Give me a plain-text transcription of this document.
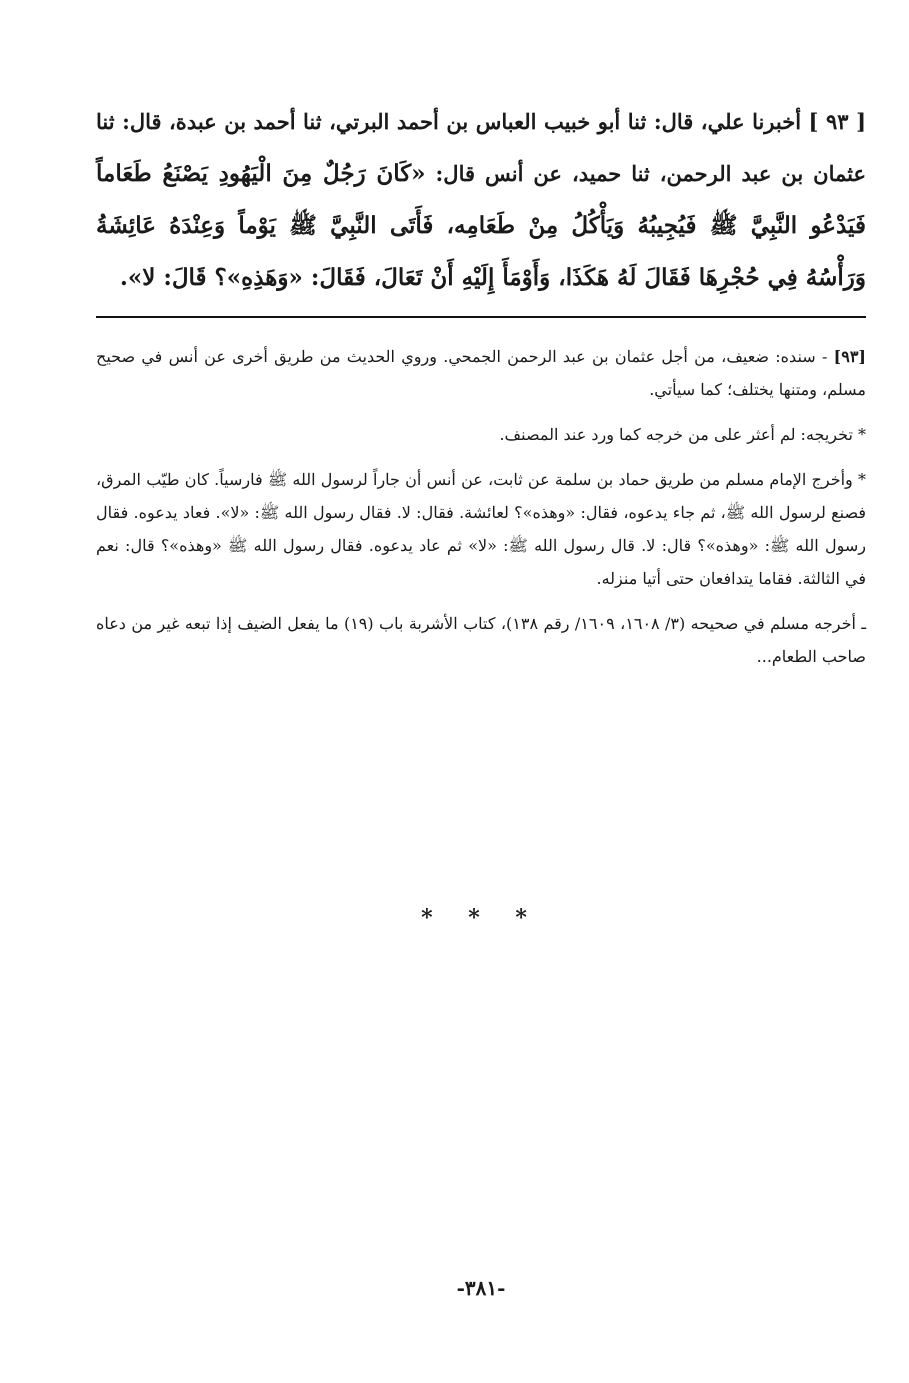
[ ٩٣ ] أخبرنا علي، قال: ثنا أبو خبيب العباس بن أحمد البرتي، ثنا أحمد بن عبدة، قال: ثنا عثمان بن عبد الرحمن، ثنا حميد، عن أنس قال: «كَانَ رَجُلٌ مِنَ الْيَهُودِ يَصْنَعُ طَعَاماً فَيَدْعُو النَّبِيَّ ﷺ فَيُجِيبُهُ وَيَأْكُلُ مِنْ طَعَامِه، فَأَتَى النَّبِيَّ ﷺ يَوْماً وَعِنْدَهُ عَائِشَةُ وَرَأْسُهُ فِي حُجْرِهَا فَقَالَ لَهُ هَكَذَا، وَأَوْمَأَ إِلَيْهِ أَنْ تَعَالَ، فَقَالَ: «وَهَذِهِ»؟ قَالَ: لا».

[٩٣] - سنده: ضعيف، من أجل عثمان بن عبد الرحمن الجمحي. وروي الحديث من طريق أخرى عن أنس في صحيح مسلم، ومتنها يختلف؛ كما سيأتي.

* تخريجه: لم أعثر على من خرجه كما ورد عند المصنف.

* وأخرج الإمام مسلم من طريق حماد بن سلمة عن ثابت، عن أنس أن جاراً لرسول الله ﷺ فارسياً. كان طيّب المرق، فصنع لرسول الله ﷺ، ثم جاء يدعوه، فقال: «وهذه»؟ لعائشة. فقال: لا. فقال رسول الله ﷺ: «لا». فعاد يدعوه. فقال رسول الله ﷺ: «وهذه»؟ قال: لا. قال رسول الله ﷺ: «لا» ثم عاد يدعوه. فقال رسول الله ﷺ «وهذه»؟ قال: نعم في الثالثة. فقاما يتدافعان حتى أتيا منزله.

ـ أخرجه مسلم في صحيحه (٣/ ١٦٠٨، ١٦٠٩/ رقم ١٣٨)، كتاب الأشربة باب (١٩) ما يفعل الضيف إذا تبعه غير من دعاه صاحب الطعام...

* * *
-٣٨١-
